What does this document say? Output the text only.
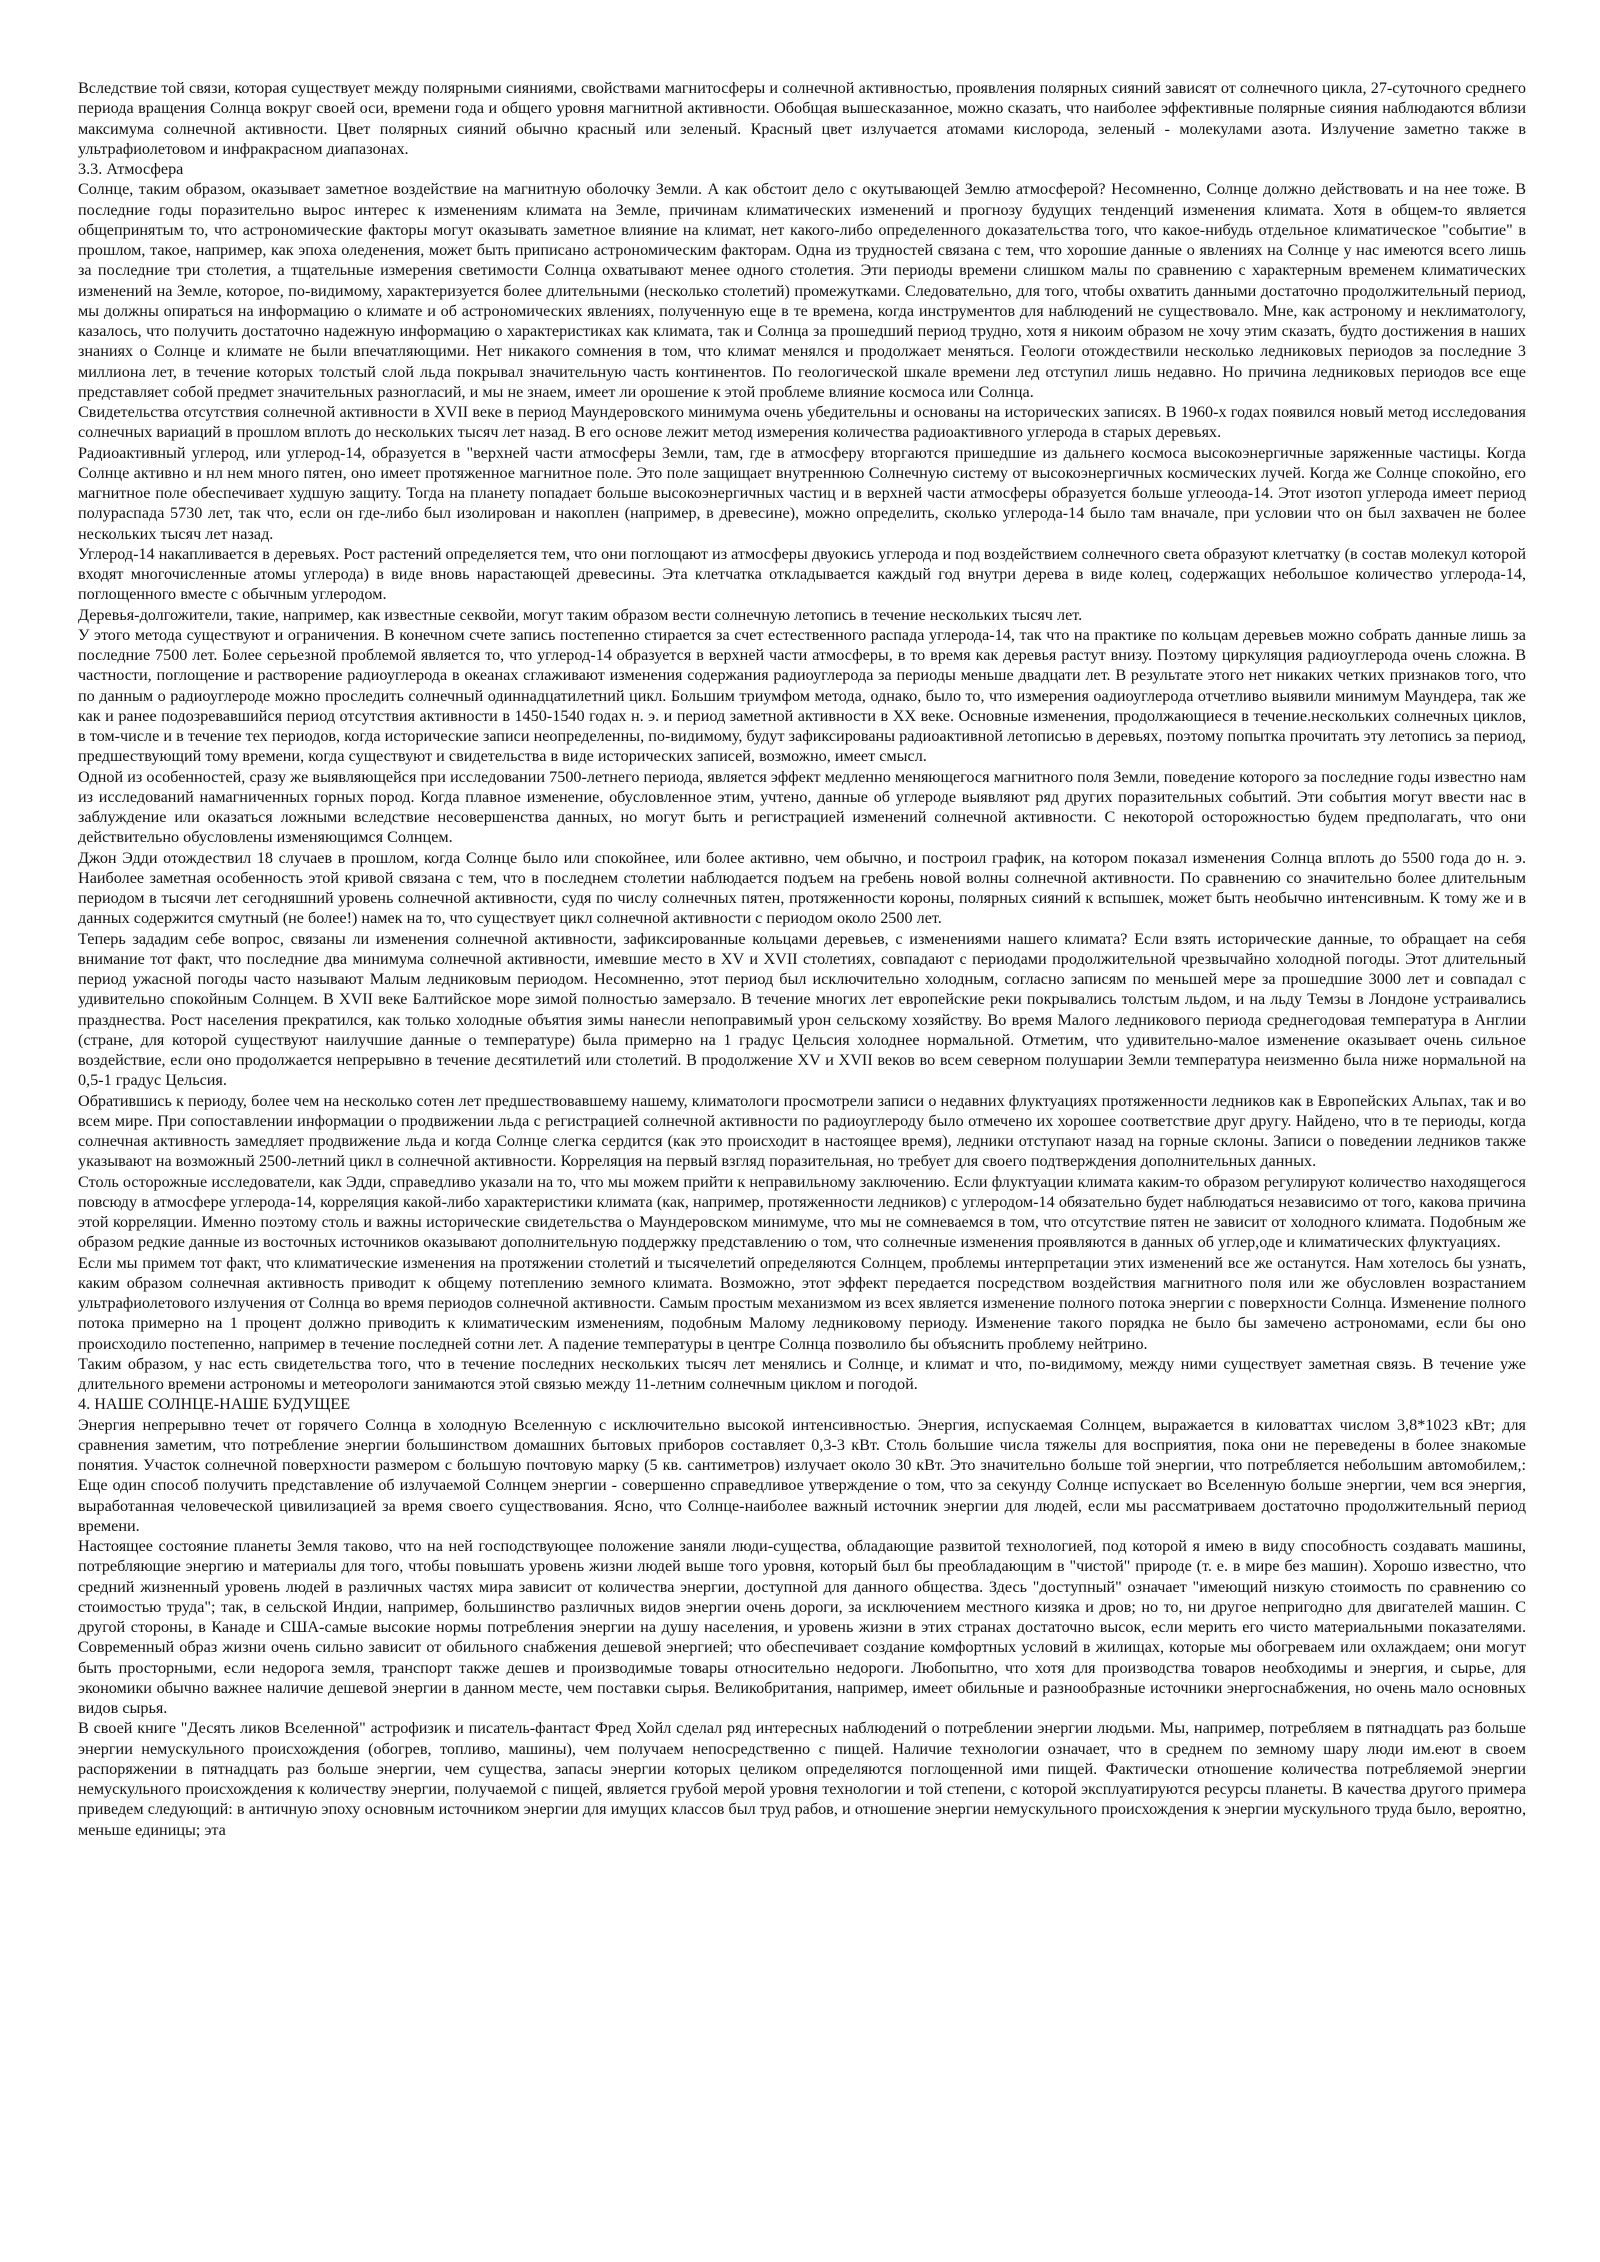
Вследствие той связи, которая существует между полярными сияниями, свойствами магнитосферы и солнечной активностью, проявления полярных сияний зависят от солнечного цикла, 27-суточного среднего периода вращения Солнца вокруг своей оси, времени года и общего уровня магнитной активности. Обобщая вышесказанное, можно сказать, что наиболее эффективные полярные сияния наблюдаются вблизи максимума солнечной активности. Цвет полярных сияний обычно красный или зеленый. Красный цвет излучается атомами кислорода, зеленый - молекулами азота. Излучение заметно также в ультрафиолетовом и инфракрасном диапазонах.

3.3. Атмосфера

Солнце, таким образом, оказывает заметное воздействие на магнитную оболочку Земли. А как обстоит дело с окутывающей Землю атмосферой? Несомненно, Солнце должно действовать и на нее тоже. В последние годы поразительно вырос интерес к изменениям климата на Земле, причинам климатических изменений и прогнозу будущих тенденций изменения климата. Хотя в общем-то является общепринятым то, что астрономические факторы могут оказывать заметное влияние на климат, нет какого-либо определенного доказательства того, что какое-нибудь отдельное климатическое "событие" в прошлом, такое, например, как эпоха оледенения, может быть приписано астрономическим факторам. Одна из трудностей связана с тем, что хорошие данные о явлениях на Солнце у нас имеются всего лишь за последние три столетия, а тщательные измерения светимости Солнца охватывают менее одного столетия. Эти периоды времени слишком малы по сравнению с характерным временем климатических изменений на Земле, которое, по-видимому, характеризуется более длительными (несколько столетий) промежутками. Следовательно, для того, чтобы охватить данными достаточно продолжительный период, мы должны опираться на информацию о климате и об астрономических явлениях, полученную еще в те времена, когда инструментов для наблюдений не существовало. Мне, как астроному и неклиматологу, казалось, что получить достаточно надежную информацию о характеристиках как климата, так и Солнца за прошедший период трудно, хотя я никоим образом не хочу этим сказать, будто достижения в наших знаниях о Солнце и климате не были впечатляющими. Нет никакого сомнения в том, что климат менялся и продолжает меняться. Геологи отождествили несколько ледниковых периодов за последние 3 миллиона лет, в течение которых толстый слой льда покрывал значительную часть континентов. По геологической шкале времени лед отступил лишь недавно. Но причина ледниковых периодов все еще представляет собой предмет значительных разногласий, и мы не знаем, имеет ли орошение к этой проблеме влияние космоса или Солнца.

Свидетельства отсутствия солнечной активности в XVII веке в период Маундеровского минимума очень убедительны и основаны на исторических записях. В 1960-х годах появился новый метод исследования солнечных вариаций в прошлом вплоть до нескольких тысяч лет назад. В его основе лежит метод измерения количества радиоактивного углерода в старых деревьях.

Радиоактивный углерод, или углерод-14, образуется в "верхней части атмосферы Земли, там, где в атмосферу вторгаются пришедшие из дальнего космоса высокоэнергичные заряженные частицы. Когда Солнце активно и нл нем много пятен, оно имеет протяженное магнитное поле. Это поле защищает внутреннюю Солнечную систему от высокоэнергичных космических лучей. Когда же Солнце спокойно, его магнитное поле обеспечивает худшую защиту. Тогда на планету попадает больше высокоэнергичных частиц и в верхней части атмосферы образуется больше углеоода-14. Этот изотоп углерода имеет период полураспада 5730 лет, так что, если он где-либо был изолирован и накоплен (например, в древесине), можно определить, сколько углерода-14 было там вначале, при условии что он был захвачен не более нескольких тысяч лет назад.

Углерод-14 накапливается в деревьях. Рост растений определяется тем, что они поглощают из атмосферы двуокись углерода и под воздействием солнечного света образуют клетчатку (в состав молекул которой входят многочисленные атомы углерода) в виде вновь нарастающей древесины. Эта клетчатка откладывается каждый год внутри дерева в виде колец, содержащих небольшое количество углерода-14, поглощенного вместе с обычным углеродом.

Деревья-долгожители, такие, например, как известные секвойи, могут таким образом вести солнечную летопись в течение нескольких тысяч лет.

У этого метода существуют и ограничения. В конечном счете запись постепенно стирается за счет естественного распада углерода-14, так что на практике по кольцам деревьев можно собрать данные лишь за последние 7500 лет. Более серьезной проблемой является то, что углерод-14 образуется в верхней части атмосферы, в то время как деревья растут внизу. Поэтому циркуляция радиоуглерода очень сложна. В частности, поглощение и растворение радиоуглерода в океанах сглаживают изменения содержания радиоуглерода за периоды меньше двадцати лет. В результате этого нет никаких четких признаков того, что по данным о радиоуглероде можно проследить солнечный одиннадцатилетний цикл. Большим триумфом метода, однако, было то, что измерения оадиоуглерода отчетливо выявили минимум Маундера, так же как и ранее подозревавшийся период отсутствия активности в 1450-1540 годах н. э. и период заметной активности в XX веке. Основные изменения, продолжающиеся в течение.нескольких солнечных циклов, в том-числе и в течение тех периодов, когда исторические записи неопределенны, по-видимому, будут зафиксированы радиоактивной летописью в деревьях, поэтому попытка прочитать эту летопись за период, предшествующий тому времени, когда существуют и свидетельства в виде исторических записей, возможно, имеет смысл.

Одной из особенностей, сразу же выявляющейся при исследовании 7500-летнего периода, является эффект медленно меняющегося магнитного поля Земли, поведение которого за последние годы известно нам из исследований намагниченных горных пород. Когда плавное изменение, обусловленное этим, учтено, данные об углероде выявляют ряд других поразительных событий. Эти события могут ввести нас в заблуждение или оказаться ложными вследствие несовершенства данных, но могут быть и регистрацией изменений солнечной активности. С некоторой осторожностью будем предполагать, что они действительно обусловлены изменяющимся Солнцем.

Джон Эдди отождествил 18 случаев в прошлом, когда Солнце было или спокойнее, или более активно, чем обычно, и построил график, на котором показал изменения Солнца вплоть до 5500 года до н. э. Наиболее заметная особенность этой кривой связана с тем, что в последнем столетии наблюдается подъем на гребень новой волны солнечной активности. По сравнению со значительно более длительным периодом в тысячи лет сегодняшний уровень солнечной активности, судя по числу солнечных пятен, протяженности короны, полярных сияний к вспышек, может быть необычно интенсивным. К тому же и в данных содержится смутный (не более!) намек на то, что существует цикл солнечной активности с периодом около 2500 лет.

Теперь зададим себе вопрос, связаны ли изменения солнечной активности, зафиксированные кольцами деревьев, с изменениями нашего климата? Если взять исторические данные, то обращает на себя внимание тот факт, что последние два минимума солнечной активности, имевшие место в XV и XVII столетиях, совпадают с периодами продолжительной чрезвычайно холодной погоды. Этот длительный период ужасной погоды часто называют Малым ледниковым периодом. Несомненно, этот период был исключительно холодным, согласно записям по меньшей мере за прошедшие 3000 лет и совпадал с удивительно спокойным Солнцем. В XVII веке Балтийское море зимой полностью замерзало. В течение многих лет европейские реки покрывались толстым льдом, и на льду Темзы в Лондоне устраивались празднества. Рост населения прекратился, как только холодные объятия зимы нанесли непоправимый урон сельскому хозяйству. Во время Малого ледникового периода среднегодовая температура в Англии (стране, для которой существуют наилучшие данные о температуре) была примерно на 1 градус Цельсия холоднее нормальной. Отметим, что удивительно-малое изменение оказывает очень сильное воздействие, если оно продолжается непрерывно в течение десятилетий или столетий. В продолжение XV и XVII веков во всем северном полушарии Земли температура неизменно была ниже нормальной на 0,5-1 градус Цельсия.

Обратившись к периоду, более чем на несколько сотен лет предшествовавшему нашему, климатологи просмотрели записи о недавних флуктуациях протяженности ледников как в Европейских Альпах, так и во всем мире. При сопоставлении информации о продвижении льда с регистрацией солнечной активности по радиоуглероду было отмечено их хорошее соответствие друг другу. Найдено, что в те периоды, когда солнечная активность замедляет продвижение льда и когда Солнце слегка сердится (как это происходит в настоящее время), ледники отступают назад на горные склоны. Записи о поведении ледников также указывают на возможный 2500-летний цикл в солнечной активности. Корреляция на первый взгляд поразительная, но требует для своего подтверждения дополнительных данных.

Столь осторожные исследователи, как Эдди, справедливо указали на то, что мы можем прийти к неправильному заключению. Если флуктуации климата каким-то образом регулируют количество находящегося повсюду в атмосфере углерода-14, корреляция какой-либо характеристики климата (как, например, протяженности ледников) с углеродом-14 обязательно будет наблюдаться независимо от того, какова причина этой корреляции. Именно поэтому столь и важны исторические свидетельства о Маундеровском минимуме, что мы не сомневаемся в том, что отсутствие пятен не зависит от холодного климата. Подобным же образом редкие данные из восточных источников оказывают дополнительную поддержку представлению о том, что солнечные изменения проявляются в данных об углер,оде и климатических флуктуациях.

Если мы примем тот факт, что климатические изменения на протяжении столетий и тысячелетий определяются Солнцем, проблемы интерпретации этих изменений все же останутся. Нам хотелось бы узнать, каким образом солнечная активность приводит к общему потеплению земного климата. Возможно, этот эффект передается посредством воздействия магнитного поля или же обусловлен возрастанием ультрафиолетового излучения от Солнца во время периодов солнечной активности. Самым простым механизмом из всех является изменение полного потока энергии с поверхности Солнца. Изменение полного потока примерно на 1 процент должно приводить к климатическим изменениям, подобным Малому ледниковому периоду. Изменение такого порядка не было бы замечено астрономами, если бы оно происходило постепенно, например в течение последней сотни лет. А падение температуры в центре Солнца позволило бы объяснить проблему нейтрино.

Таким образом, у нас есть свидетельства того, что в течение последних нескольких тысяч лет менялись и Солнце, и климат и что, по-видимому, между ними существует заметная связь. В течение уже длительного времени астрономы и метеорологи занимаются этой связью между 11-летним солнечным циклом и погодой.

4. НАШЕ СОЛНЦЕ-НАШЕ БУДУЩЕЕ

Энергия непрерывно течет от горячего Солнца в холодную Вселенную с исключительно высокой интенсивностью. Энергия, испускаемая Солнцем, выражается в киловаттах числом 3,8*1023 кВт; для сравнения заметим, что потребление энергии большинством домашних бытовых приборов составляет 0,3-3 кВт. Столь большие числа тяжелы для восприятия, пока они не переведены в более знакомые понятия. Участок солнечной поверхности размером с большую почтовую марку (5 кв. сантиметров) излучает около 30 кВт. Это значительно больше той энергии, что потребляется небольшим автомобилем,: Еще один способ получить представление об излучаемой Солнцем энергии - совершенно справедливое утверждение о том, что за секунду Солнце испускает во Вселенную больше энергии, чем вся энергия, выработанная человеческой цивилизацией за время своего существования. Ясно, что Солнце-наиболее важный источник энергии для людей, если мы рассматриваем достаточно продолжительный период времени.

Настоящее состояние планеты Земля таково, что на ней господствующее положение заняли люди-существа, обладающие развитой технологией, под которой я имею в виду способность создавать машины, потребляющие энергию и материалы для того, чтобы повышать уровень жизни людей выше того уровня, который был бы преобладающим в "чистой" природе (т. е. в мире без машин). Хорошо известно, что средний жизненный уровень людей в различных частях мира зависит от количества энергии, доступной для данного общества. Здесь "доступный" означает "имеющий низкую стоимость по сравнению со стоимостью труда"; так, в сельской Индии, например, большинство различных видов энергии очень дороги, за исключением местного кизяка и дров; но то, ни другое непригодно для двигателей машин. С другой стороны, в Канаде и США-самые высокие нормы потребления энергии на душу населения, и уровень жизни в этих странах достаточно высок, если мерить его чисто материальными показателями. Современный образ жизни очень сильно зависит от обильного снабжения дешевой энергией; что обеспечивает создание комфортных условий в жилищах, которые мы обогреваем или охлаждаем; они могут быть просторными, если недорога земля, транспорт также дешев и производимые товары относительно недороги. Любопытно, что хотя для производства товаров необходимы и энергия, и сырье, для экономики обычно важнее наличие дешевой энергии в данном месте, чем поставки сырья. Великобритания, например, имеет обильные и разнообразные источники энергоснабжения, но очень мало основных видов сырья.

В своей книге "Десять ликов Вселенной" астрофизик и писатель-фантаст Фред Хойл сделал ряд интересных наблюдений о потреблении энергии людьми. Мы, например, потребляем в пятнадцать раз больше энергии немускульного происхождения (обогрев, топливо, машины), чем получаем непосредственно с пищей. Наличие технологии означает, что в среднем по земному шару люди им.еют в своем распоряжении в пятнадцать раз больше энергии, чем существа, запасы энергии которых целиком определяются поглощенной ими пищей. Фактически отношение количества потребляемой энергии немускульного происхождения к количеству энергии, получаемой с пищей, является грубой мерой уровня технологии и той степени, с которой эксплуатируются ресурсы планеты. В качества другого примера приведем следующий: в античную эпоху основным источником энергии для имущих классов был труд рабов, и отношение энергии немускульного происхождения к энергии мускульного труда было, вероятно, меньше единицы; эта
